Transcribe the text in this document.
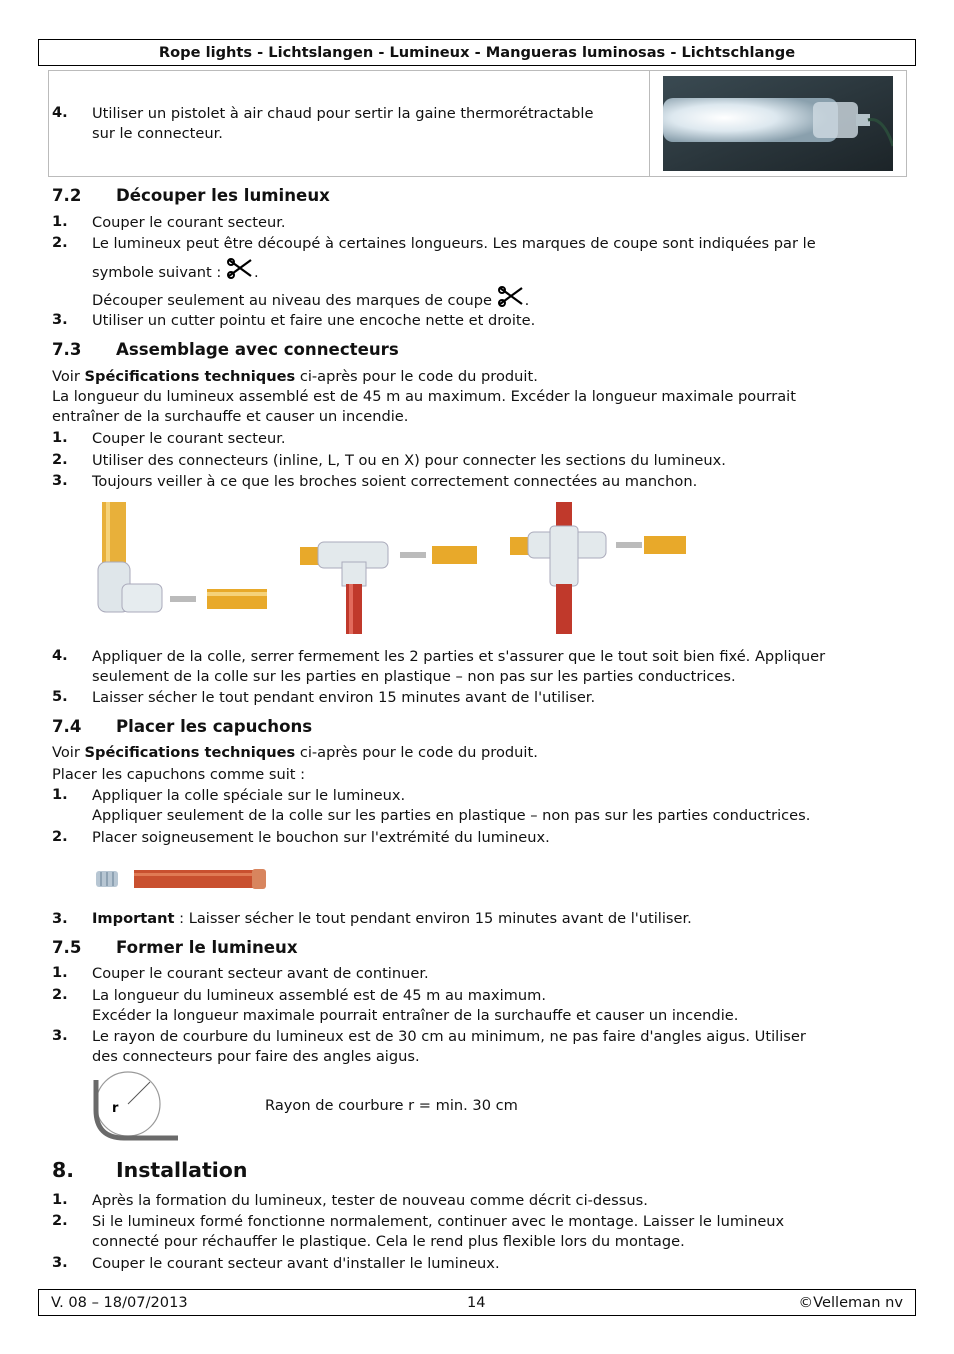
Rope lights - Lichtslangen - Lumineux - Mangueras luminosas - Lichtschlange
4.	Utiliser un pistolet à air chaud pour sertir la gaine thermorétractable
sur le connecteur.
7.2 Découper les lumineux
1.	Couper le courant secteur.
2.	Le lumineux peut être découpé à certaines longueurs. Les marques de coupe sont indiquées par le
symbole suivant : .
Découper seulement au niveau des marques de coupe .
3.	Utiliser un cutter pointu et faire une encoche nette et droite.
7.3 Assemblage avec connecteurs
Voir Spécifications techniques ci-après pour le code du produit.
La longueur du lumineux assemblé est de 45 m au maximum. Excéder la longueur maximale pourrait
entraîner de la surchauffe et causer un incendie.
1.	Couper le courant secteur.
2.	Utiliser des connecteurs (inline, L, T ou en X) pour connecter les sections du lumineux.
3.	Toujours veiller à ce que les broches soient correctement connectées au manchon.
4.	Appliquer de la colle, serrer fermement les 2 parties et s'assurer que le tout soit bien fixé. Appliquer
seulement de la colle sur les parties en plastique – non pas sur les parties conductrices.
5.	Laisser sécher le tout pendant environ 15 minutes avant de l'utiliser.
7.4 Placer les capuchons
Voir Spécifications techniques ci-après pour le code du produit.
Placer les capuchons comme suit :
1.	Appliquer la colle spéciale sur le lumineux.
Appliquer seulement de la colle sur les parties en plastique – non pas sur les parties conductrices.
2.	Placer soigneusement le bouchon sur l'extrémité du lumineux.
3. Important : Laisser sécher le tout pendant environ 15 minutes avant de l'utiliser.
7.5 Former le lumineux
1.	Couper le courant secteur avant de continuer.
2.	La longueur du lumineux assemblé est de 45 m au maximum.
Excéder la longueur maximale pourrait entraîner de la surchauffe et causer un incendie.
3.	Le rayon de courbure du lumineux est de 30 cm au minimum, ne pas faire d'angles aigus. Utiliser
des connecteurs pour faire des angles aigus.
r	Rayon de courbure r = min. 30 cm
8. Installation
1.	Après la formation du lumineux, tester de nouveau comme décrit ci-dessus.
2.	Si le lumineux formé fonctionne normalement, continuer avec le montage. Laisser le lumineux
connecté pour réchauffer le plastique. Cela le rend plus flexible lors du montage.
3.	Couper le courant secteur avant d'installer le lumineux.
V. 08 – 18/07/2013	14	©Velleman nv
